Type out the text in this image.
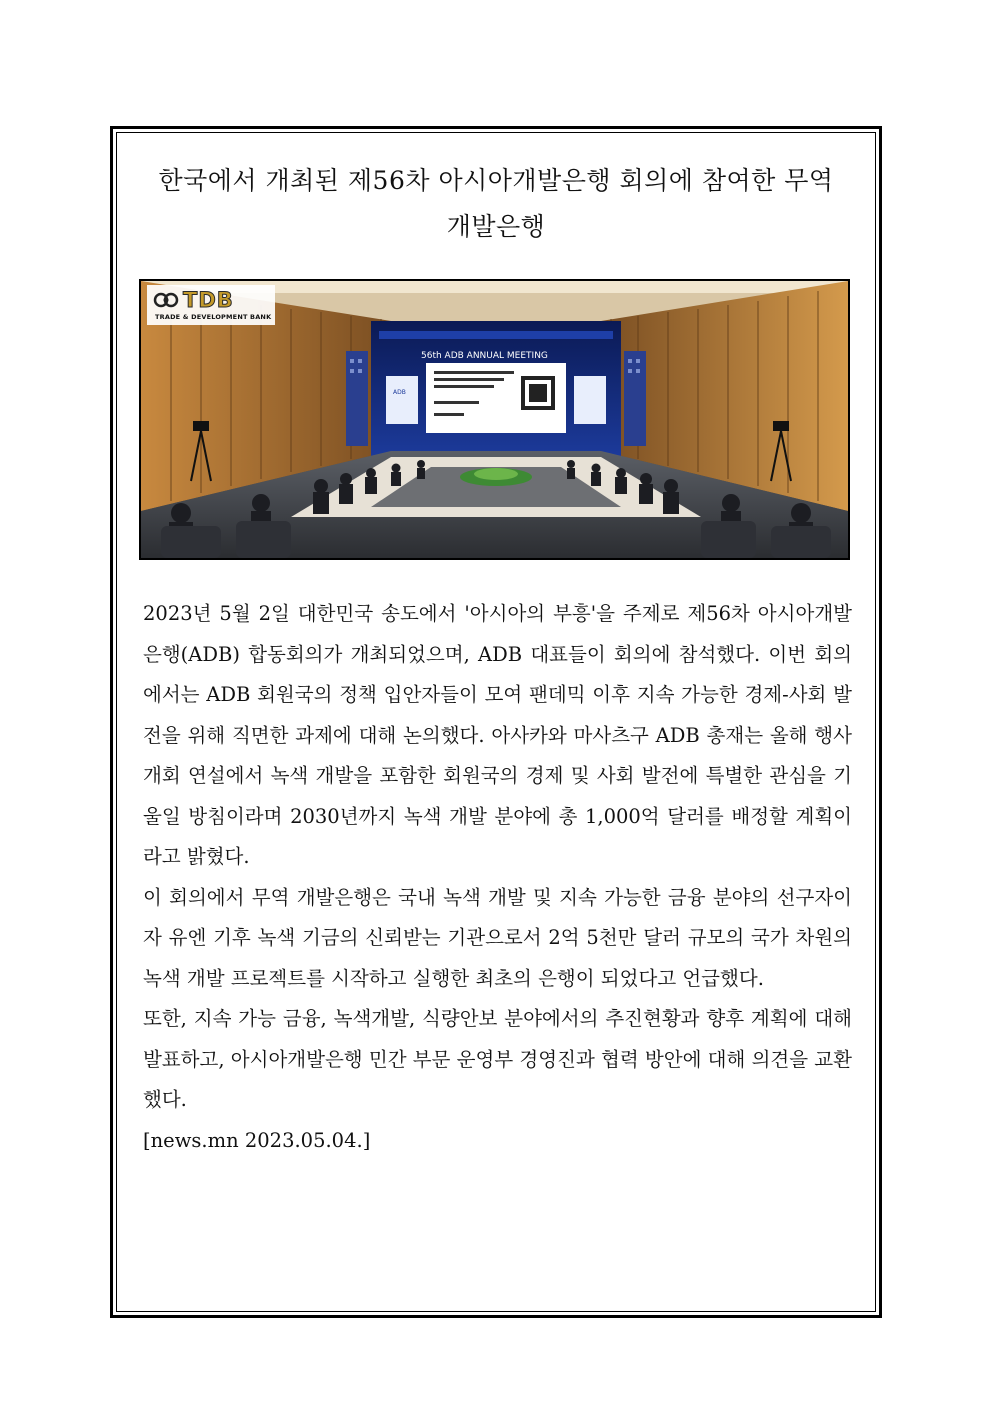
한국에서 개최된 제56차 아시아개발은행 회의에 참여한 무역
개발은행
ADB
TDB
TRADE & DEVELOPMENT BANK
56th ADB ANNUAL MEETING

2023년 5월 2일 대한민국 송도에서 '아시아의 부흥'을 주제로 제56차 아시아개발은행(ADB) 합동회의가 개최되었으며, ADB 대표들이 회의에 참석했다. 이번 회의에서는 ADB 회원국의 정책 입안자들이 모여 팬데믹 이후 지속 가능한 경제-사회 발전을 위해 직면한 과제에 대해 논의했다. 아사카와 마사츠구 ADB 총재는 올해 행사 개회 연설에서 녹색 개발을 포함한 회원국의 경제 및 사회 발전에 특별한 관심을 기울일 방침이라며 2030년까지 녹색 개발 분야에 총 1,000억 달러를 배정할 계획이라고 밝혔다.

이 회의에서 무역 개발은행은 국내 녹색 개발 및 지속 가능한 금융 분야의 선구자이자 유엔 기후 녹색 기금의 신뢰받는 기관으로서 2억 5천만 달러 규모의 국가 차원의 녹색 개발 프로젝트를 시작하고 실행한 최초의 은행이 되었다고 언급했다.

또한, 지속 가능 금융, 녹색개발, 식량안보 분야에서의 추진현황과 향후 계획에 대해 발표하고, 아시아개발은행 민간 부문 운영부 경영진과 협력 방안에 대해 의견을 교환했다.

[news.mn 2023.05.04.]
